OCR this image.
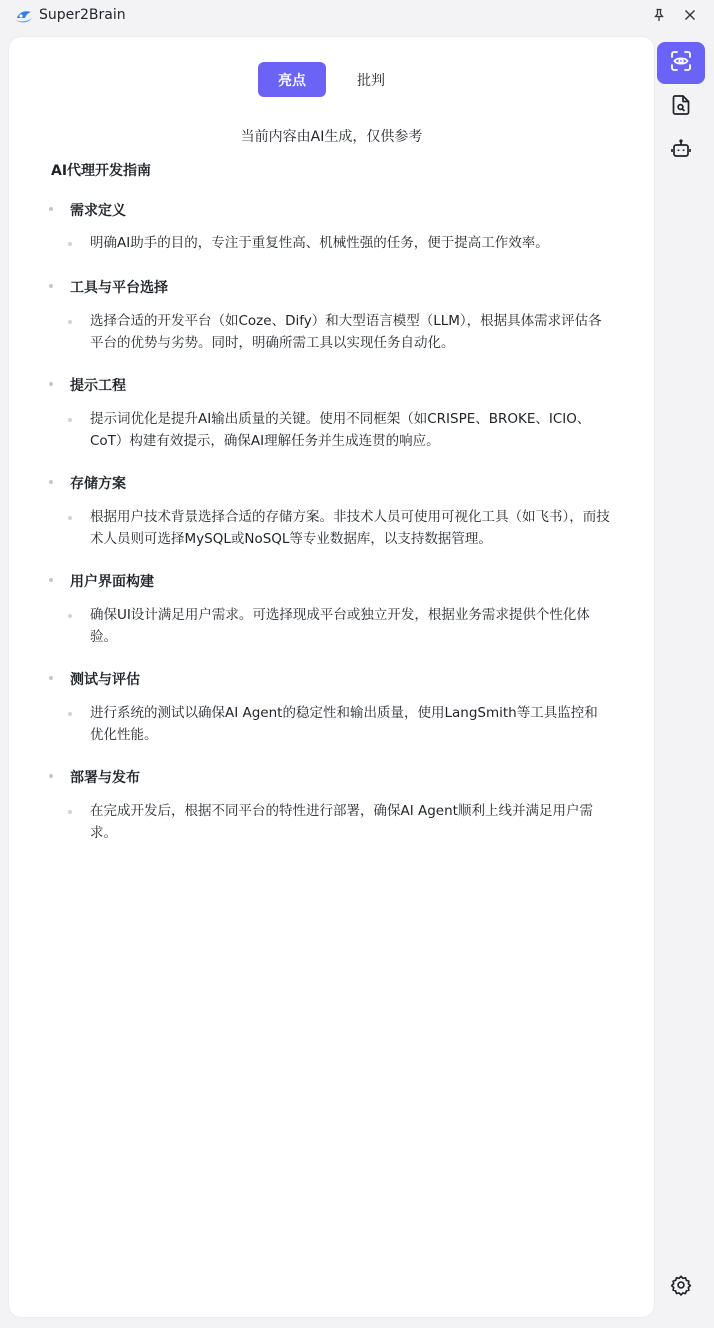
Super2Brain
亮点	批判
当前内容由AI生成，仅供参考
AI代理开发指南
需求定义
明确AI助手的目的，专注于重复性高、机械性强的任务，便于提高工作效率。
工具与平台选择
选择合适的开发平台（如Coze、Dify）和大型语言模型（LLM），根据具体需求评估各平台的优势与劣势。同时，明确所需工具以实现任务自动化。
提示工程
提示词优化是提升AI输出质量的关键。使用不同框架（如CRISPE、BROKE、ICIO、CoT）构建有效提示，确保AI理解任务并生成连贯的响应。
存储方案
根据用户技术背景选择合适的存储方案。非技术人员可使用可视化工具（如飞书），而技术人员则可选择MySQL或NoSQL等专业数据库，以支持数据管理。
用户界面构建
确保UI设计满足用户需求。可选择现成平台或独立开发，根据业务需求提供个性化体验。
测试与评估
进行系统的测试以确保AI Agent的稳定性和输出质量，使用LangSmith等工具监控和优化性能。
部署与发布
在完成开发后，根据不同平台的特性进行部署，确保AI Agent顺利上线并满足用户需求。
